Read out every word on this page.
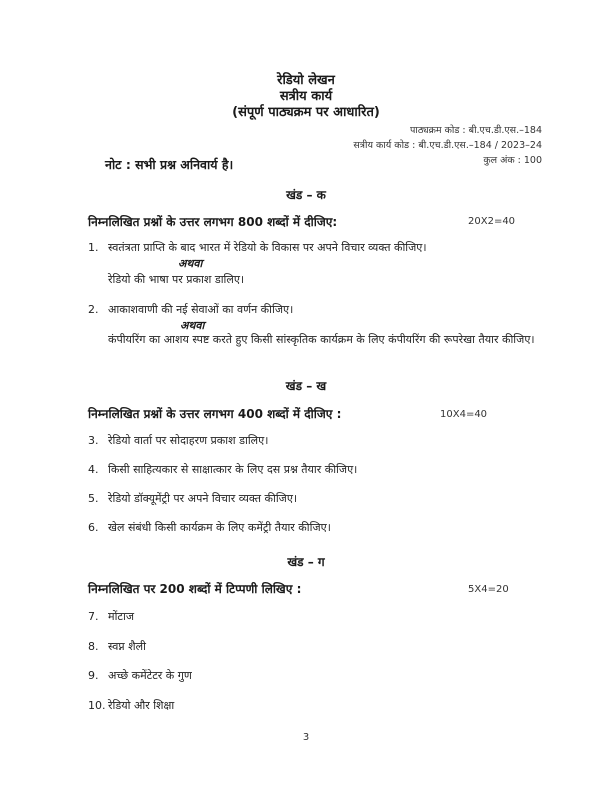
रेडियो लेखन
सत्रीय कार्य
(संपूर्ण पाठ्यक्रम पर आधारित)
पाठ्यक्रम कोड : बी.एच.डी.एस.–184
सत्रीय कार्य कोड : बी.एच.डी.एस.–184 / 2023–24
कुल अंक : 100
नोट : सभी प्रश्न अनिवार्य है।
खंड – क
निम्नलिखित प्रश्नों के उत्तर लगभग 800 शब्दों में दीजिए:	20X2=40
1. स्वतंत्रता प्राप्ति के बाद भारत में रेडियो के विकास पर अपने विचार व्यक्त कीजिए।
अथवा
रेडियो की भाषा पर प्रकाश डालिए।
2. आकाशवाणी की नई सेवाओं का वर्णन कीजिए।
अथवा
कंपीयरिंग का आशय स्पष्ट करते हुए किसी सांस्कृतिक कार्यक्रम के लिए कंपीयरिंग की रूपरेखा तैयार कीजिए।
खंड – ख
निम्नलिखित प्रश्नों के उत्तर लगभग 400 शब्दों में दीजिए :	10X4=40
3. रेडियो वार्ता पर सोदाहरण प्रकाश डालिए।
4. किसी साहित्यकार से साक्षात्कार के लिए दस प्रश्न तैयार कीजिए।
5. रेडियो डॉक्यूमेंट्री पर अपने विचार व्यक्त कीजिए।
6. खेल संबंधी किसी कार्यक्रम के लिए कमेंट्री तैयार कीजिए।
खंड – ग
निम्नलिखित पर 200 शब्दों में टिप्पणी लिखिए :	5X4=20
7. मोंटाज
8. स्वप्न शैली
9. अच्छे कमेंटेटर के गुण
10. रेडियो और शिक्षा
3
